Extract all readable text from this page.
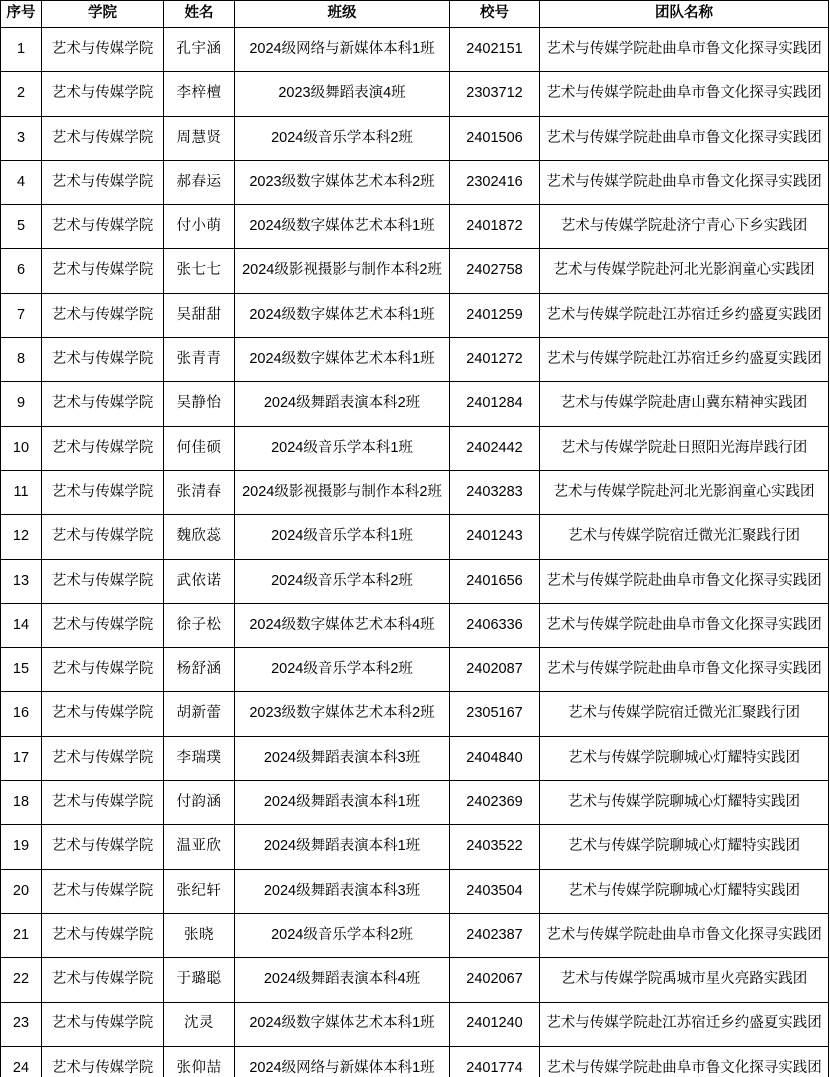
序号	学院	姓名	班级	校号	团队名称
1	艺术与传媒学院	孔宇涵	2024级网络与新媒体本科1班	2402151	艺术与传媒学院赴曲阜市鲁文化探寻实践团
2	艺术与传媒学院	李梓檀	2023级舞蹈表演4班	2303712	艺术与传媒学院赴曲阜市鲁文化探寻实践团
3	艺术与传媒学院	周慧贤	2024级音乐学本科2班	2401506	艺术与传媒学院赴曲阜市鲁文化探寻实践团
4	艺术与传媒学院	郝春运	2023级数字媒体艺术本科2班	2302416	艺术与传媒学院赴曲阜市鲁文化探寻实践团
5	艺术与传媒学院	付小萌	2024级数字媒体艺术本科1班	2401872	艺术与传媒学院赴济宁青心下乡实践团
6	艺术与传媒学院	张七七	2024级影视摄影与制作本科2班	2402758	艺术与传媒学院赴河北光影润童心实践团
7	艺术与传媒学院	吴甜甜	2024级数字媒体艺术本科1班	2401259	艺术与传媒学院赴江苏宿迁乡约盛夏实践团
8	艺术与传媒学院	张青青	2024级数字媒体艺术本科1班	2401272	艺术与传媒学院赴江苏宿迁乡约盛夏实践团
9	艺术与传媒学院	吴静怡	2024级舞蹈表演本科2班	2401284	艺术与传媒学院赴唐山冀东精神实践团
10	艺术与传媒学院	何佳硕	2024级音乐学本科1班	2402442	艺术与传媒学院赴日照阳光海岸践行团
11	艺术与传媒学院	张清春	2024级影视摄影与制作本科2班	2403283	艺术与传媒学院赴河北光影润童心实践团
12	艺术与传媒学院	魏欣蕊	2024级音乐学本科1班	2401243	艺术与传媒学院宿迁微光汇聚践行团
13	艺术与传媒学院	武依诺	2024级音乐学本科2班	2401656	艺术与传媒学院赴曲阜市鲁文化探寻实践团
14	艺术与传媒学院	徐子松	2024级数字媒体艺术本科4班	2406336	艺术与传媒学院赴曲阜市鲁文化探寻实践团
15	艺术与传媒学院	杨舒涵	2024级音乐学本科2班	2402087	艺术与传媒学院赴曲阜市鲁文化探寻实践团
16	艺术与传媒学院	胡新蕾	2023级数字媒体艺术本科2班	2305167	艺术与传媒学院宿迁微光汇聚践行团
17	艺术与传媒学院	李瑞璞	2024级舞蹈表演本科3班	2404840	艺术与传媒学院聊城心灯耀特实践团
18	艺术与传媒学院	付韵涵	2024级舞蹈表演本科1班	2402369	艺术与传媒学院聊城心灯耀特实践团
19	艺术与传媒学院	温亚欣	2024级舞蹈表演本科1班	2403522	艺术与传媒学院聊城心灯耀特实践团
20	艺术与传媒学院	张纪轩	2024级舞蹈表演本科3班	2403504	艺术与传媒学院聊城心灯耀特实践团
21	艺术与传媒学院	张晓	2024级音乐学本科2班	2402387	艺术与传媒学院赴曲阜市鲁文化探寻实践团
22	艺术与传媒学院	于璐聪	2024级舞蹈表演本科4班	2402067	艺术与传媒学院禹城市星火亮路实践团
23	艺术与传媒学院	沈灵	2024级数字媒体艺术本科1班	2401240	艺术与传媒学院赴江苏宿迁乡约盛夏实践团
24	艺术与传媒学院	张仰喆	2024级网络与新媒体本科1班	2401774	艺术与传媒学院赴曲阜市鲁文化探寻实践团
